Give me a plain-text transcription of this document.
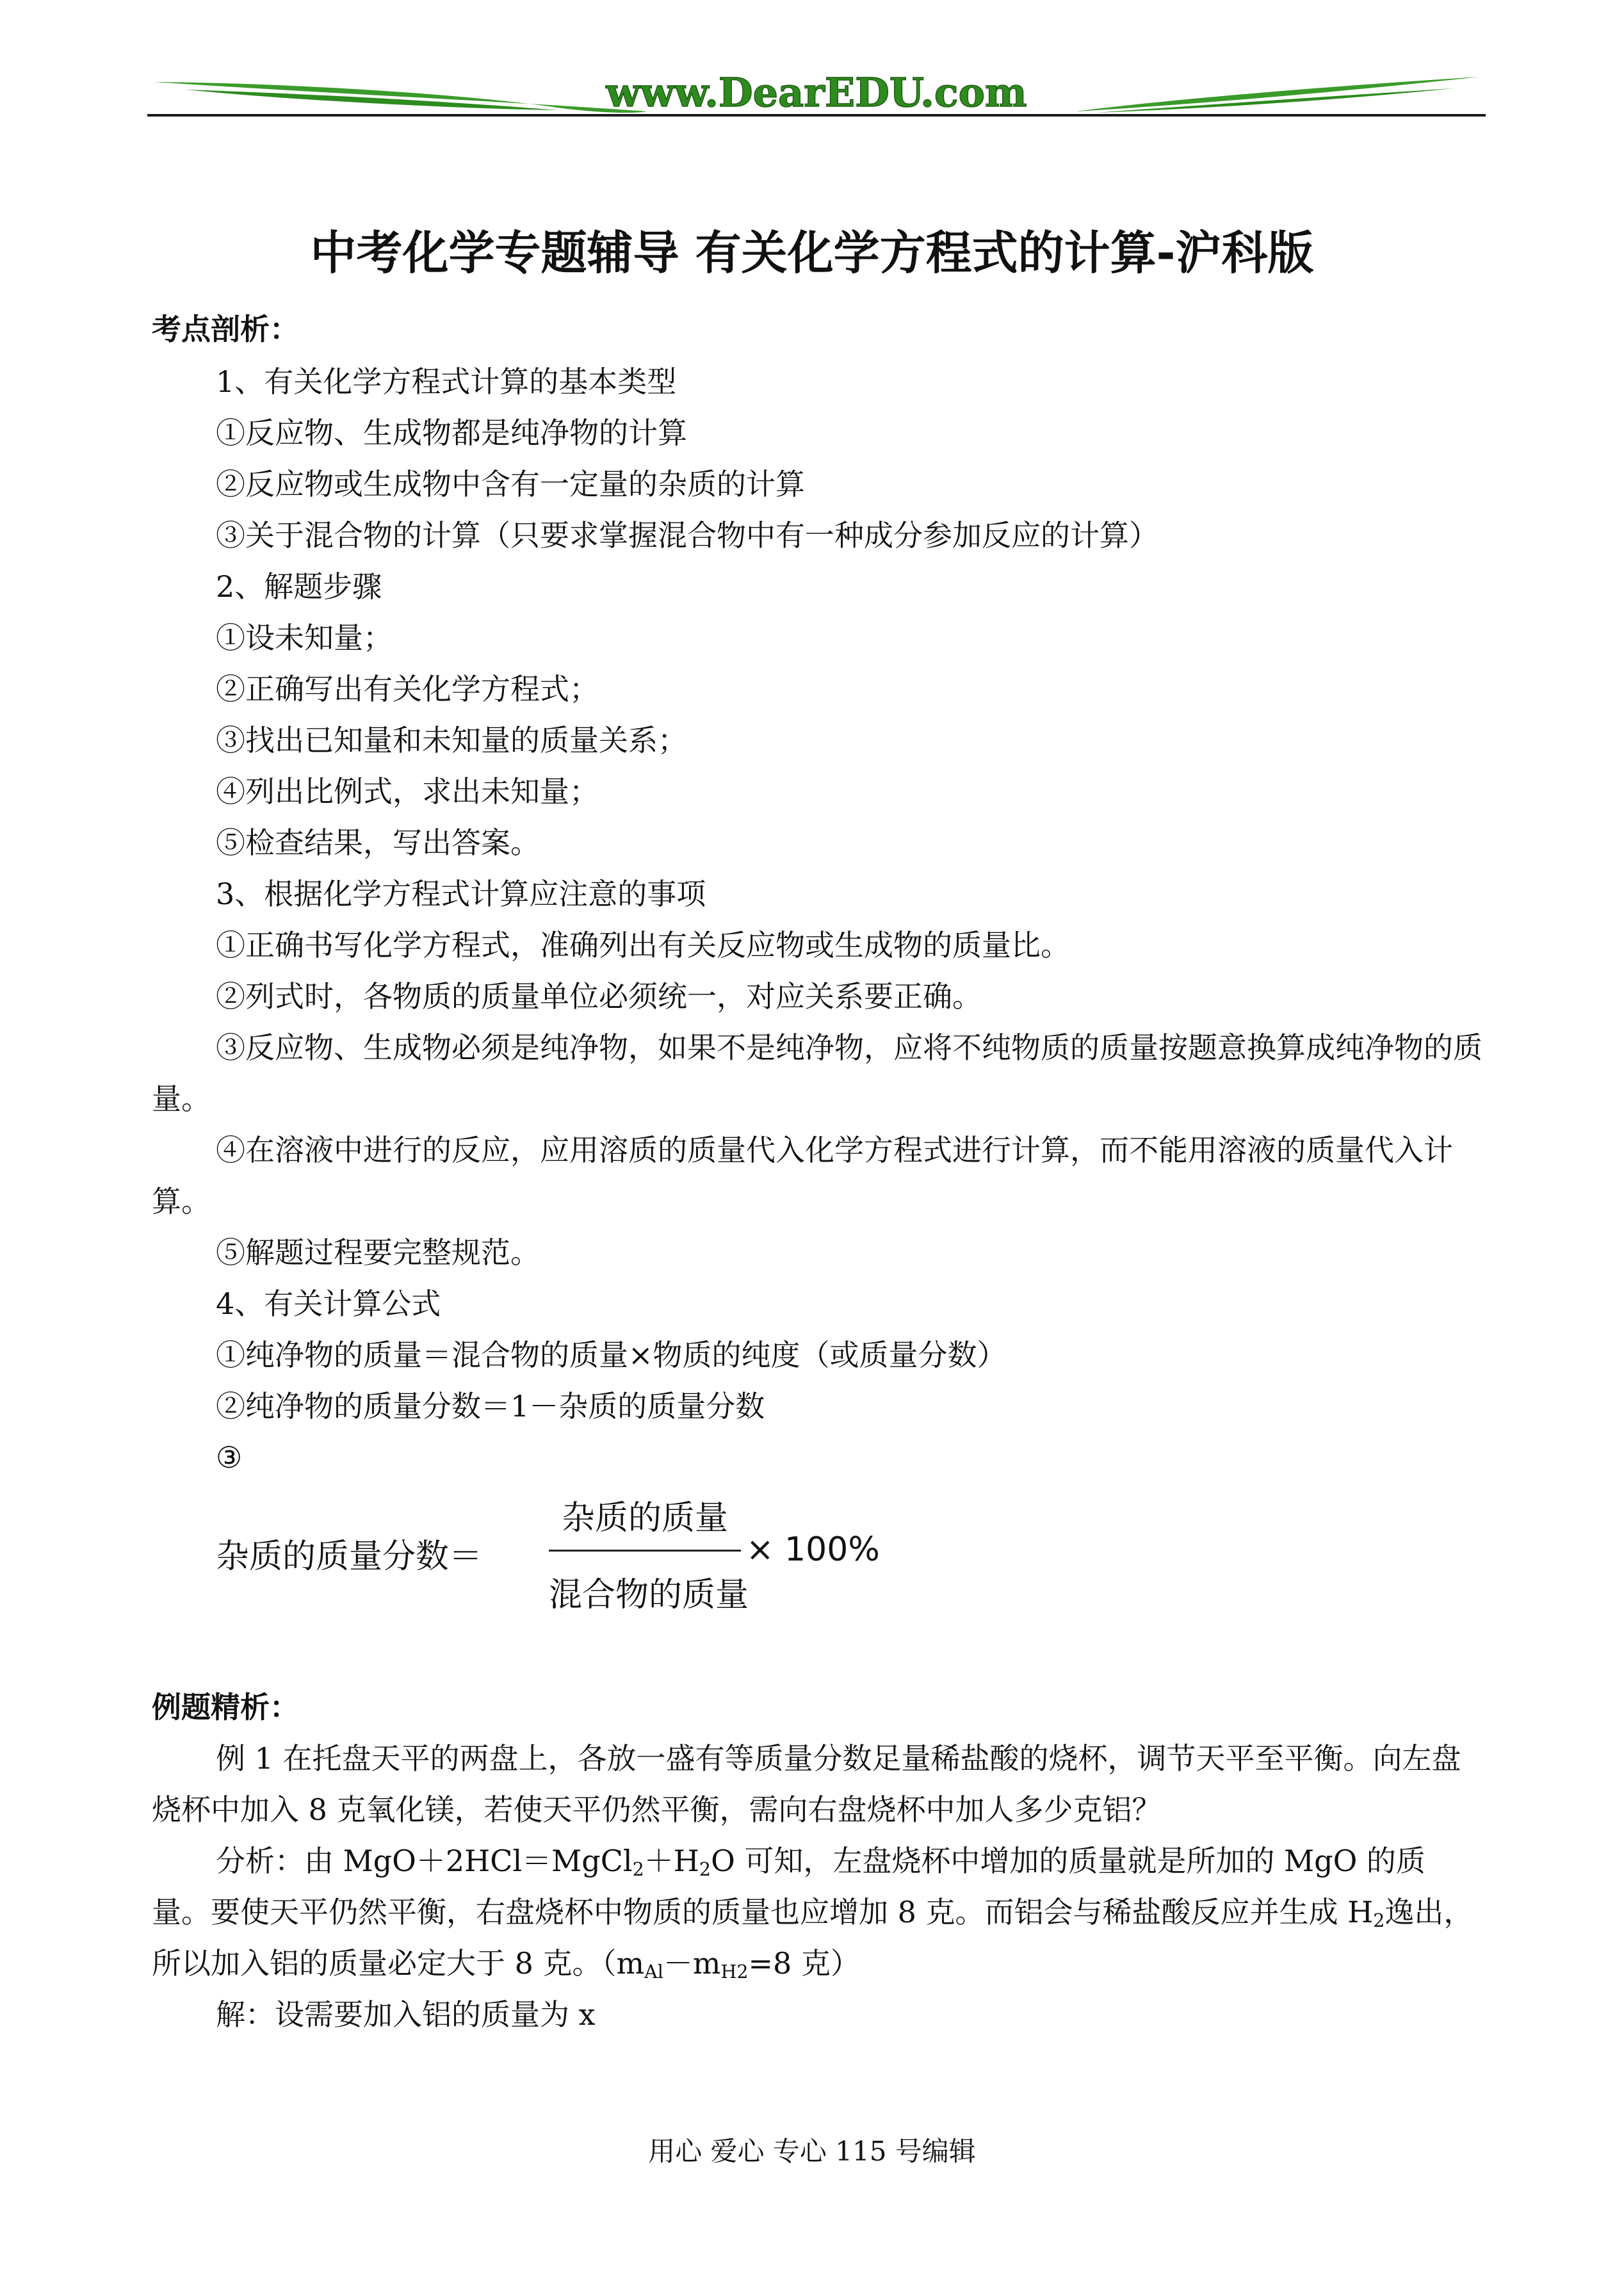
www.DearEDU.com
中考化学专题辅导 有关化学方程式的计算-沪科版
考点剖析：
1、有关化学方程式计算的基本类型
①反应物、生成物都是纯净物的计算
②反应物或生成物中含有一定量的杂质的计算
③关于混合物的计算（只要求掌握混合物中有一种成分参加反应的计算）
2、解题步骤
①设未知量；
②正确写出有关化学方程式；
③找出已知量和未知量的质量关系；
④列出比例式，求出未知量；
⑤检查结果，写出答案。
3、根据化学方程式计算应注意的事项
①正确书写化学方程式，准确列出有关反应物或生成物的质量比。
②列式时，各物质的质量单位必须统一，对应关系要正确。
③反应物、生成物必须是纯净物，如果不是纯净物，应将不纯物质的质量按题意换算成纯净物的质量。
④在溶液中进行的反应，应用溶质的质量代入化学方程式进行计算，而不能用溶液的质量代入计算。
⑤解题过程要完整规范。
4、有关计算公式
①纯净物的质量＝混合物的质量×物质的纯度（或质量分数）
②纯净物的质量分数＝1－杂质的质量分数
③
杂质的质量分数＝
杂质的质量
混合物的质量
× 100%
例题精析：
例 1 在托盘天平的两盘上，各放一盛有等质量分数足量稀盐酸的烧杯，调节天平至平衡。向左盘烧杯中加入 8 克氧化镁，若使天平仍然平衡，需向右盘烧杯中加人多少克铝？
分析：由 $MgO+2HCl=MgCl_2+H_2O$ 可知，左盘烧杯中增加的质量就是所加的 MgO 的质量。要使天平仍然平衡，右盘烧杯中物质的质量也应增加 8 克。而铝会与稀盐酸反应并生成 $H_2$逸出，所以加入铝的质量必定大于 8 克。（$m_{Al}-m_{H2}=8$ 克）
解：设需要加入铝的质量为 x
用心 爱心 专心 115 号编辑
